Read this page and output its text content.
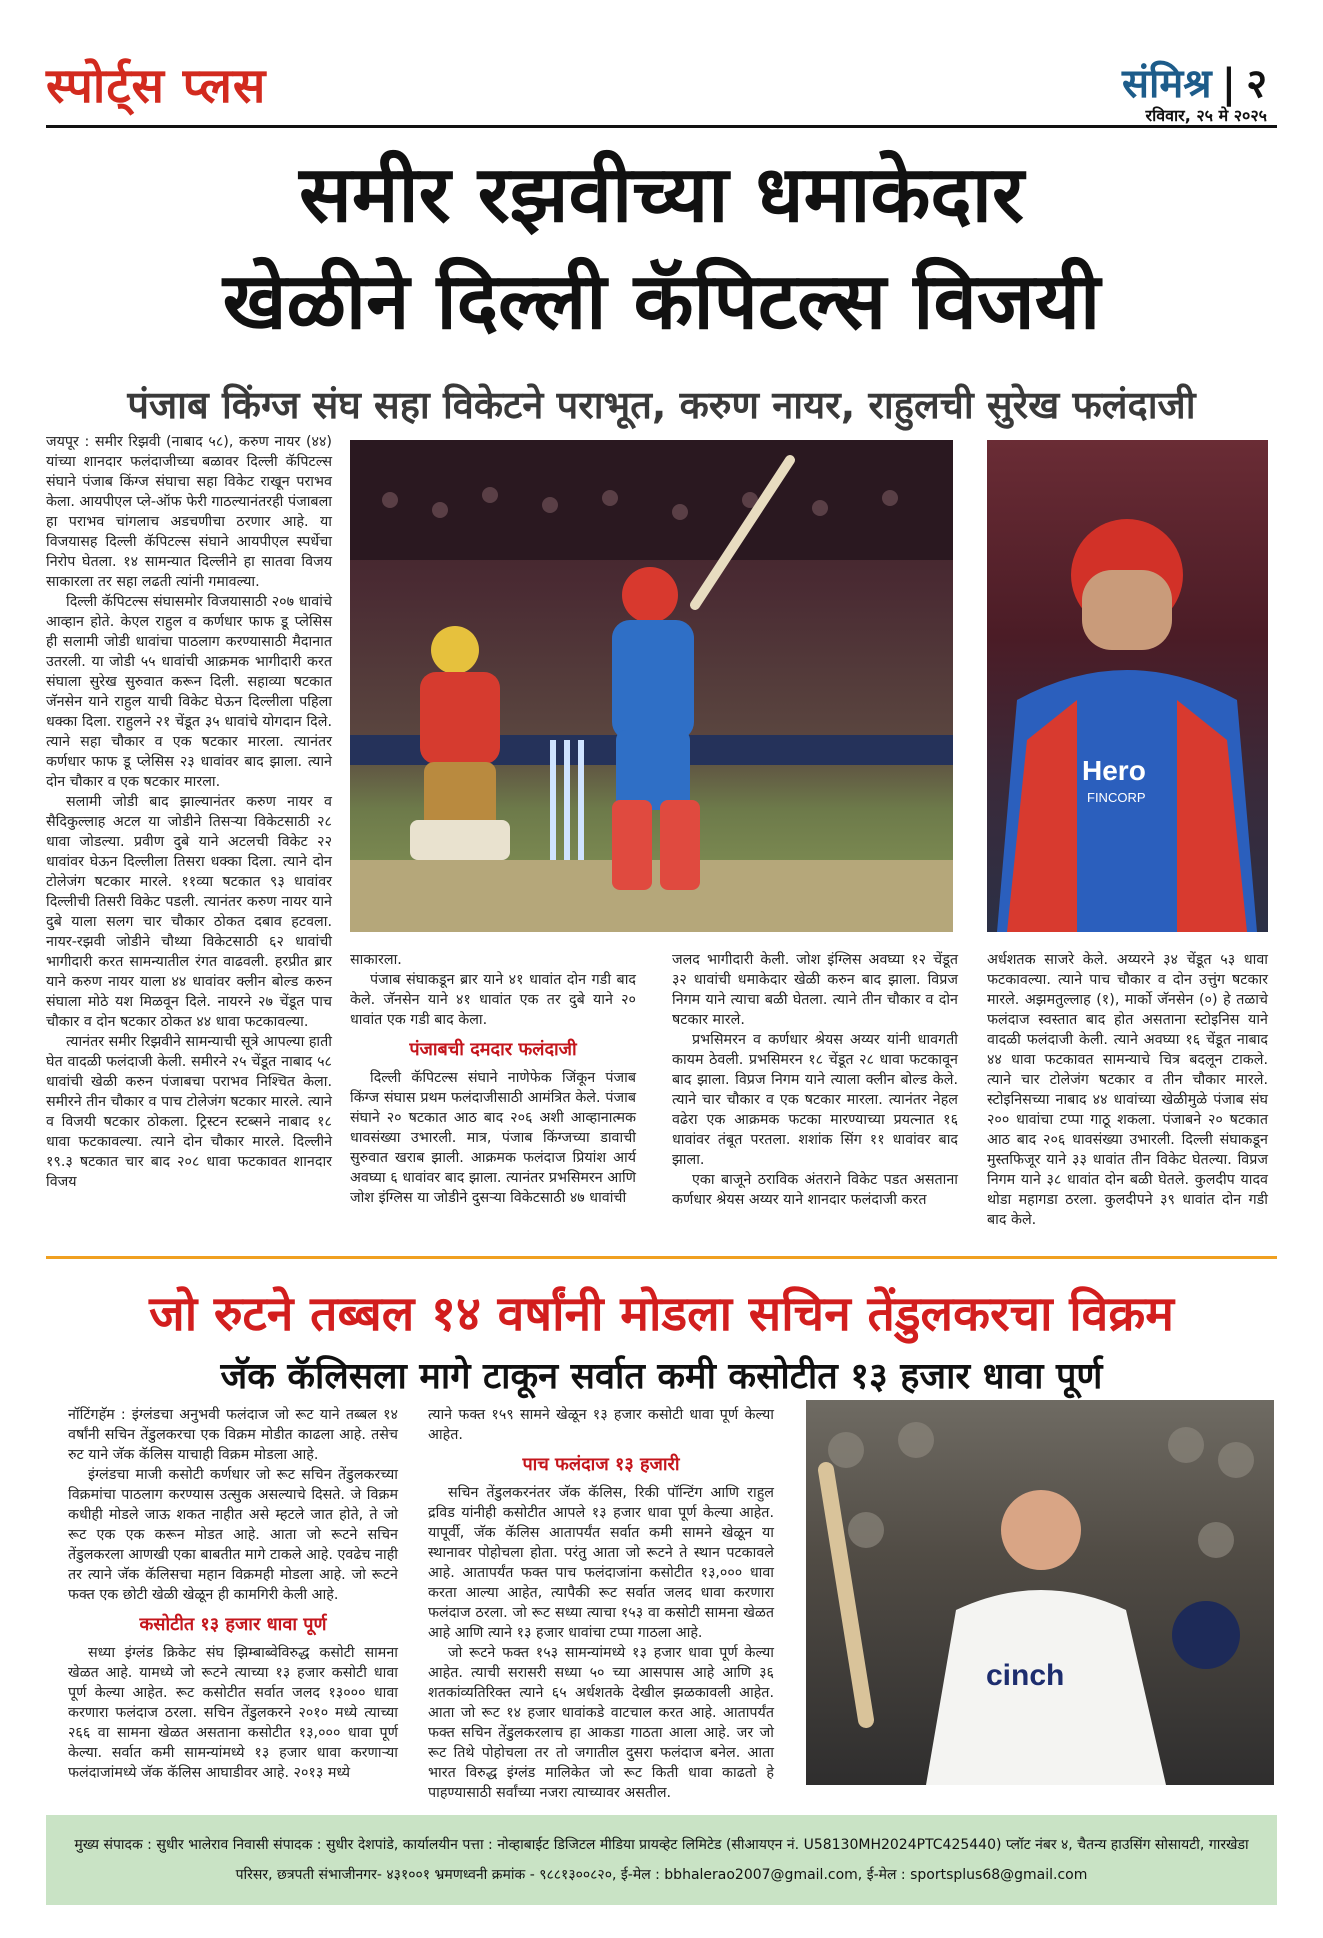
स्पोर्ट्स प्लस	संमिश्र | २
रविवार, २५ मे २०२५
समीर रझवीच्या धमाकेदार
खेळीने दिल्ली कॅपिटल्स विजयी
पंजाब किंग्ज संघ सहा विकेटने पराभूत, करुण नायर, राहुलची सुरेख फलंदाजी

जयपूर : समीर रिझवी (नाबाद ५८), करुण नायर (४४) यांच्या शानदार फलंदाजीच्या बळावर दिल्ली कॅपिटल्स संघाने पंजाब किंग्ज संघाचा सहा विकेट राखून पराभव केला. आयपीएल प्ले-ऑफ फेरी गाठल्यानंतरही पंजाबला हा पराभव चांगलाच अडचणीचा ठरणार आहे. या विजयासह दिल्ली कॅपिटल्स संघाने आयपीएल स्पर्धेचा निरोप घेतला. १४ सामन्यात दिल्लीने हा सातवा विजय साकारला तर सहा लढती त्यांनी गमावल्या.

दिल्ली कॅपिटल्स संघासमोर विजयासाठी २०७ धावांचे आव्हान होते. केएल राहुल व कर्णधार फाफ डू प्लेसिस ही सलामी जोडी धावांचा पाठलाग करण्यासाठी मैदानात उतरली. या जोडी ५५ धावांची आक्रमक भागीदारी करत संघाला सुरेख सुरुवात करून दिली. सहाव्या षटकात जॅनसेन याने राहुल याची विकेट घेऊन दिल्लीला पहिला धक्का दिला. राहुलने २१ चेंडूत ३५ धावांचे योगदान दिले. त्याने सहा चौकार व एक षटकार मारला. त्यानंतर कर्णधार फाफ डू प्लेसिस २३ धावांवर बाद झाला. त्याने दोन चौकार व एक षटकार मारला.

सलामी जोडी बाद झाल्यानंतर करुण नायर व सैदिकुल्लाह अटल या जोडीने तिसऱ्या विकेटसाठी २८ धावा जोडल्या. प्रवीण दुबे याने अटलची विकेट २२ धावांवर घेऊन दिल्लीला तिसरा धक्का दिला. त्याने दोन टोलेजंग षटकार मारले. ११व्या षटकात ९३ धावांवर दिल्लीची तिसरी विकेट पडली. त्यानंतर करुण नायर याने दुबे याला सलग चार चौकार ठोकत दबाव हटवला. नायर-रझवी जोडीने चौथ्या विकेटसाठी ६२ धावांची भागीदारी करत सामन्यातील रंगत वाढवली. हरप्रीत ब्रार याने करुण नायर याला ४४ धावांवर क्लीन बोल्ड करुन संघाला मोठे यश मिळवून दिले. नायरने २७ चेंडूत पाच चौकार व दोन षटकार ठोकत ४४ धावा फटकावल्या.

त्यानंतर समीर रिझवीने सामन्याची सूत्रे आपल्या हाती घेत वादळी फलंदाजी केली. समीरने २५ चेंडूत नाबाद ५८ धावांची खेळी करुन पंजाबचा पराभव निश्चित केला. समीरने तीन चौकार व पाच टोलेजंग षटकार मारले. त्याने व विजयी षटकार ठोकला. ट्रिस्टन स्टब्सने नाबाद १८ धावा फटकावल्या. त्याने दोन चौकार मारले. दिल्लीने १९.३ षटकात चार बाद २०८ धावा फटकावत शानदार विजय

Hero
FINCORP

साकारला.

पंजाब संघाकडून ब्रार याने ४१ धावांत दोन गडी बाद केले. जॅनसेन याने ४१ धावांत एक तर दुबे याने २० धावांत एक गडी बाद केला.

पंजाबची दमदार फलंदाजी

दिल्ली कॅपिटल्स संघाने नाणेफेक जिंकून पंजाब किंग्ज संघास प्रथम फलंदाजीसाठी आमंत्रित केले. पंजाब संघाने २० षटकात आठ बाद २०६ अशी आव्हानात्मक धावसंख्या उभारली. मात्र, पंजाब किंग्जच्या डावाची सुरुवात खराब झाली. आक्रमक फलंदाज प्रियांश आर्य अवघ्या ६ धावांवर बाद झाला. त्यानंतर प्रभसिमरन आणि जोश इंग्लिस या जोडीने दुसऱ्या विकेटसाठी ४७ धावांची

जलद भागीदारी केली. जोश इंग्लिस अवघ्या १२ चेंडूत ३२ धावांची धमाकेदार खेळी करुन बाद झाला. विप्रज निगम याने त्याचा बळी घेतला. त्याने तीन चौकार व दोन षटकार मारले.

प्रभसिमरन व कर्णधार श्रेयस अय्यर यांनी धावगती कायम ठेवली. प्रभसिमरन १८ चेंडूत २८ धावा फटकावून बाद झाला. विप्रज निगम याने त्याला क्लीन बोल्ड केले. त्याने चार चौकार व एक षटकार मारला. त्यानंतर नेहल वढेरा एक आक्रमक फटका मारण्याच्या प्रयत्नात १६ धावांवर तंबूत परतला. शशांक सिंग ११ धावांवर बाद झाला.

एका बाजूने ठराविक अंतराने विकेट पडत असताना कर्णधार श्रेयस अय्यर याने शानदार फलंदाजी करत

अर्धशतक साजरे केले. अय्यरने ३४ चेंडूत ५३ धावा फटकावल्या. त्याने पाच चौकार व दोन उत्तुंग षटकार मारले. अझमतुल्लाह (१), मार्को जॅनसेन (०) हे तळाचे फलंदाज स्वस्तात बाद होत असताना स्टोइनिस याने वादळी फलंदाजी केली. त्याने अवघ्या १६ चेंडूत नाबाद ४४ धावा फटकावत सामन्याचे चित्र बदलून टाकले. त्याने चार टोलेजंग षटकार व तीन चौकार मारले. स्टोइनिसच्या नाबाद ४४ धावांच्या खेळीमुळे पंजाब संघ २०० धावांचा टप्पा गाठू शकला. पंजाबने २० षटकात आठ बाद २०६ धावसंख्या उभारली. दिल्ली संघाकडून मुस्तफिजूर याने ३३ धावांत तीन विकेट घेतल्या. विप्रज निगम याने ३८ धावांत दोन बळी घेतले. कुलदीप यादव थोडा महागडा ठरला. कुलदीपने ३९ धावांत दोन गडी बाद केले.

जो रुटने तब्बल १४ वर्षांनी मोडला सचिन तेंडुलकरचा विक्रम
जॅक कॅलिसला मागे टाकून सर्वात कमी कसोटीत १३ हजार धावा पूर्ण

नॉटिंगहॅम : इंग्लंडचा अनुभवी फलंदाज जो रूट याने तब्बल १४ वर्षांनी सचिन तेंडुलकरचा एक विक्रम मोडीत काढला आहे. तसेच रुट याने जॅक कॅलिस याचाही विक्रम मोडला आहे.

इंग्लंडचा माजी कसोटी कर्णधार जो रूट सचिन तेंडुलकरच्या विक्रमांचा पाठलाग करण्यास उत्सुक असल्याचे दिसते. जे विक्रम कधीही मोडले जाऊ शकत नाहीत असे म्हटले जात होते, ते जो रूट एक एक करून मोडत आहे. आता जो रूटने सचिन तेंडुलकरला आणखी एका बाबतीत मागे टाकले आहे. एवढेच नाही तर त्याने जॅक कॅलिसचा महान विक्रमही मोडला आहे. जो रूटने फक्त एक छोटी खेळी खेळून ही कामगिरी केली आहे.

कसोटीत १३ हजार धावा पूर्ण

सध्या इंग्लंड क्रिकेट संघ झिम्बाब्वेविरुद्ध कसोटी सामना खेळत आहे. यामध्ये जो रूटने त्याच्या १३ हजार कसोटी धावा पूर्ण केल्या आहेत. रूट कसोटीत सर्वात जलद १३००० धावा करणारा फलंदाज ठरला. सचिन तेंडुलकरने २०१० मध्ये त्याच्या २६६ वा सामना खेळत असताना कसोटीत १३,००० धावा पूर्ण केल्या. सर्वात कमी सामन्यांमध्ये १३ हजार धावा करणाऱ्या फलंदाजांमध्ये जॅक कॅलिस आघाडीवर आहे. २०१३ मध्ये

त्याने फक्त १५९ सामने खेळून १३ हजार कसोटी धावा पूर्ण केल्या आहेत.

पाच फलंदाज १३ हजारी

सचिन तेंडुलकरनंतर जॅक कॅलिस, रिकी पॉन्टिंग आणि राहुल द्रविड यांनीही कसोटीत आपले १३ हजार धावा पूर्ण केल्या आहेत. यापूर्वी, जॅक कॅलिस आतापर्यंत सर्वात कमी सामने खेळून या स्थानावर पोहोचला होता. परंतु आता जो रूटने ते स्थान पटकावले आहे. आतापर्यंत फक्त पाच फलंदाजांना कसोटीत १३,००० धावा करता आल्या आहेत, त्यापैकी रूट सर्वात जलद धावा करणारा फलंदाज ठरला. जो रूट सध्या त्याचा १५३ वा कसोटी सामना खेळत आहे आणि त्याने १३ हजार धावांचा टप्पा गाठला आहे.

जो रूटने फक्त १५३ सामन्यांमध्ये १३ हजार धावा पूर्ण केल्या आहेत. त्याची सरासरी सध्या ५० च्या आसपास आहे आणि ३६ शतकांव्यतिरिक्त त्याने ६५ अर्धशतके देखील झळकावली आहेत. आता जो रूट १४ हजार धावांकडे वाटचाल करत आहे. आतापर्यंत फक्त सचिन तेंडुलकरलाच हा आकडा गाठता आला आहे. जर जो रूट तिथे पोहोचला तर तो जगातील दुसरा फलंदाज बनेल. आता भारत विरुद्ध इंग्लंड मालिकेत जो रूट किती धावा काढतो हे पाहण्यासाठी सर्वांच्या नजरा त्याच्यावर असतील.

cinch
मुख्य संपादक : सुधीर भालेराव निवासी संपादक : सुधीर देशपांडे, कार्यालयीन पत्ता : नोव्हाबाईट डिजिटल मीडिया प्रायव्हेट लिमिटेड (सीआयएन नं. U58130MH2024PTC425440) प्लॉट नंबर ४, चैतन्य हाउसिंग सोसायटी, गारखेडा
परिसर, छत्रपती संभाजीनगर- ४३१००१ भ्रमणध्वनी क्रमांक - ९८८१३००८२०, ई-मेल : bbhalerao2007@gmail.com, ई-मेल : sportsplus68@gmail.com
